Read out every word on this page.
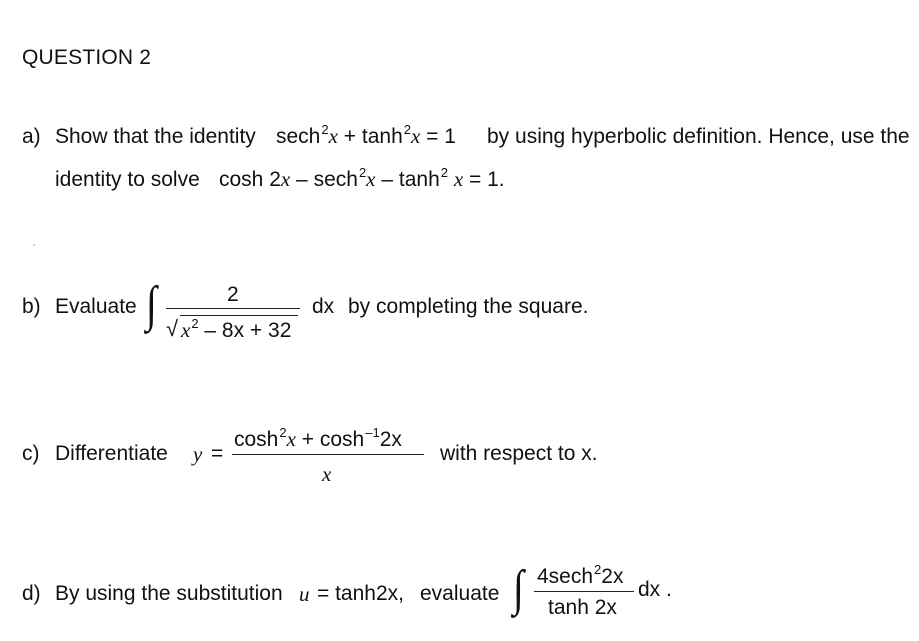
QUESTION 2
a) Show that the identity $\sec h^2x + \tanh^2x = 1$ by using hyperbolic definition. Hence, use the
identity to solve $\cosh 2x - \sec h^2x - \tanh^2 x = 1$.
b) Evaluate ∫	2
√ $x^2 - 8x + 32$
dx by completing the square.
c) Differentiate y =
$\cosh^2x + \cosh^{-1}2x$
x
with respect to x.
d) By using the substitution u = tanh2x, evaluate ∫ 4sech$^2$2x
tanh 2x
dx .
